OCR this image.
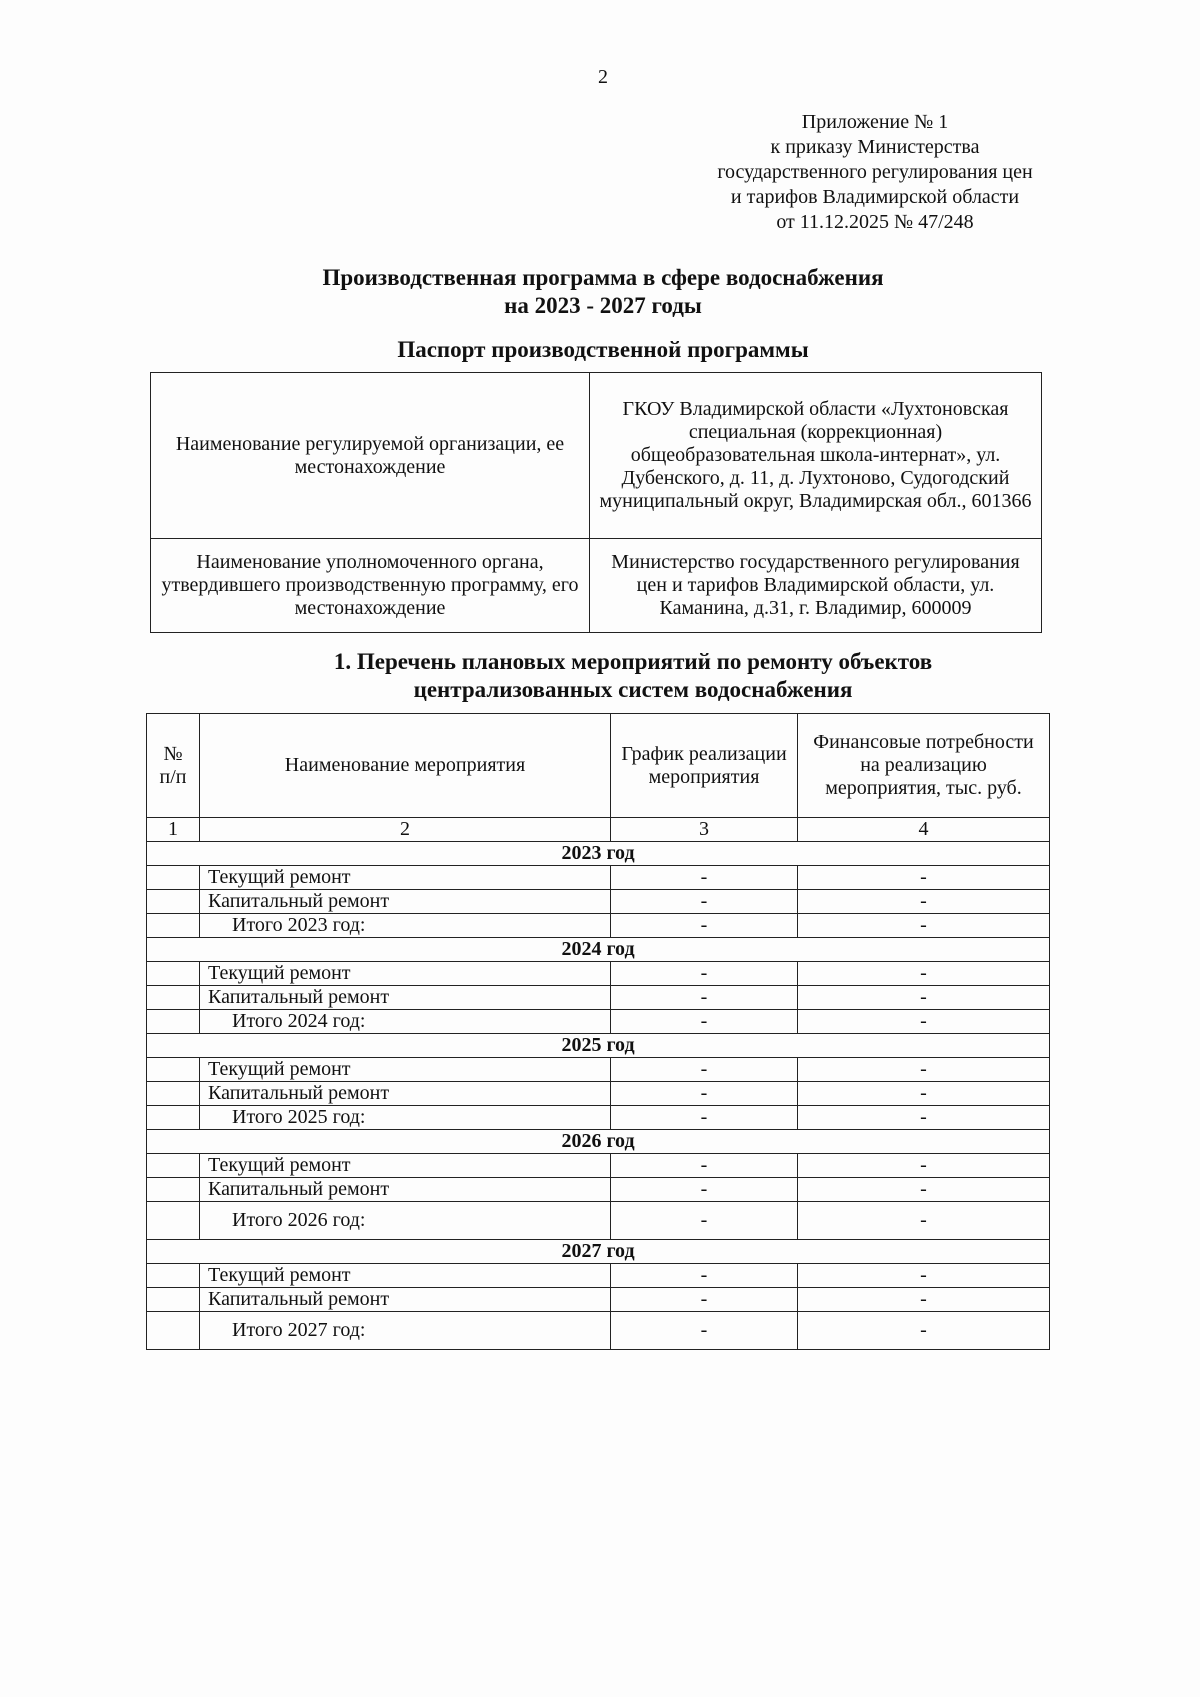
2
Приложение № 1
к приказу Министерства
государственного регулирования цен
и тарифов Владимирской области
от 11.12.2025 № 47/248
Производственная программа в сфере водоснабжения
на 2023 - 2027 годы
Паспорт производственной программы
Наименование регулируемой организации, ее местонахождение	ГКОУ Владимирской области «Лухтоновская специальная (коррекционная) общеобразовательная школа-интернат», ул. Дубенского, д. 11, д. Лухтоново, Судогодский муниципальный округ, Владимирская обл., 601366
Наименование уполномоченного органа, утвердившего производственную программу, его местонахождение	Министерство государственного регулирования цен и тарифов Владимирской области, ул. Каманина, д.31, г. Владимир, 600009
1. Перечень плановых мероприятий по ремонту объектов
централизованных систем водоснабжения
№ п/п	Наименование мероприятия	График реализации мероприятия	Финансовые потребности на реализацию мероприятия, тыс. руб.
1	2	3	4
2023 год			
	Текущий ремонт	-	-
	Капитальный ремонт	-	-
	Итого 2023 год:	-	-
2024 год			
	Текущий ремонт	-	-
	Капитальный ремонт	-	-
	Итого 2024 год:	-	-
2025 год			
	Текущий ремонт	-	-
	Капитальный ремонт	-	-
	Итого 2025 год:	-	-
2026 год			
	Текущий ремонт	-	-
	Капитальный ремонт	-	-
	Итого 2026 год:	-	-
2027 год			
	Текущий ремонт	-	-
	Капитальный ремонт	-	-
	Итого 2027 год:	-	-
